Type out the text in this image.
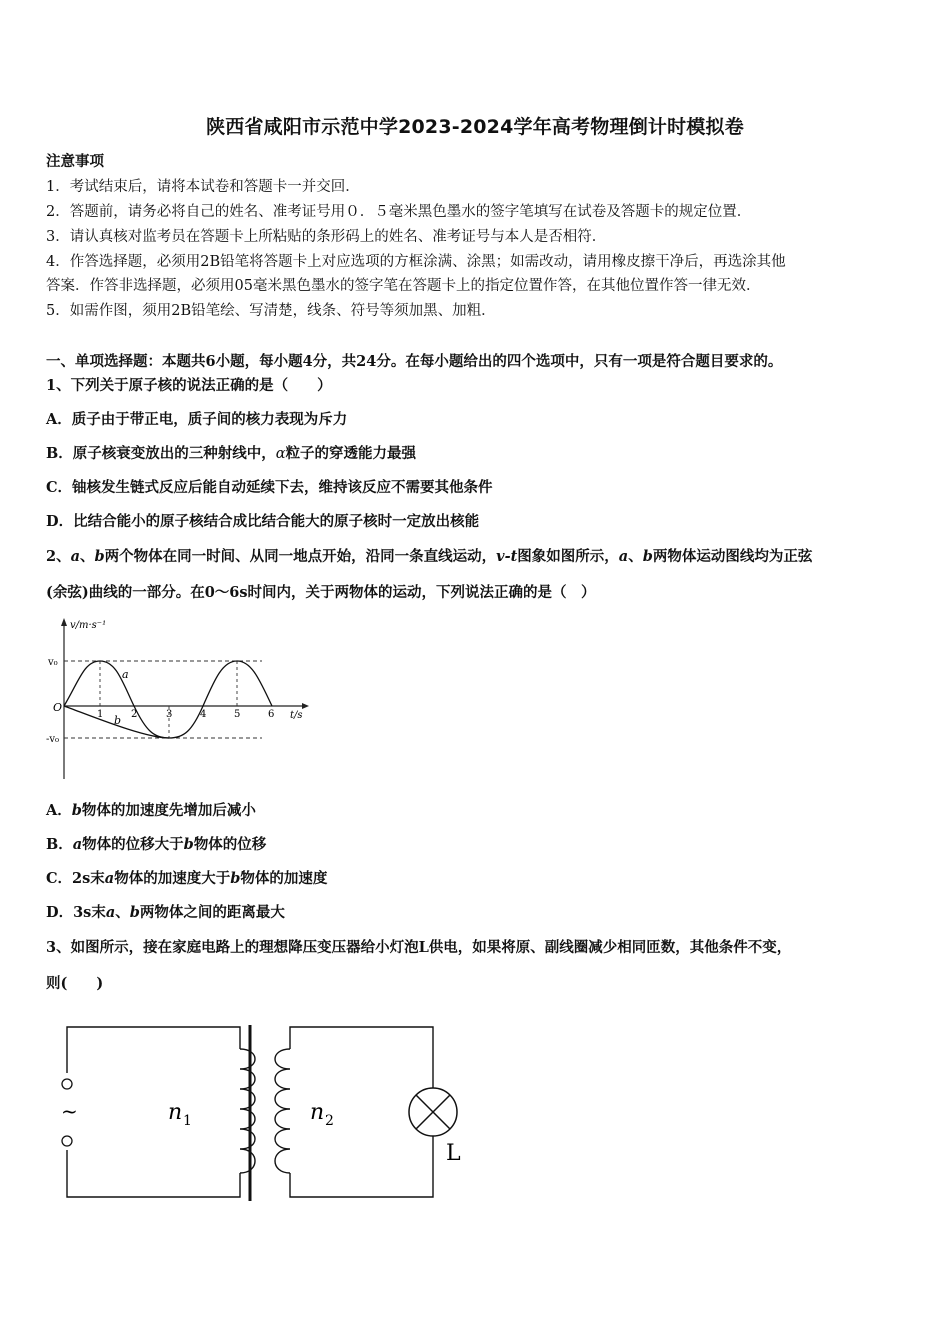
陕西省咸阳市示范中学2023-2024学年高考物理倒计时模拟卷
注意事项
1．考试结束后，请将本试卷和答题卡一并交回．
2．答题前，请务必将自己的姓名、准考证号用０．５毫米黑色墨水的签字笔填写在试卷及答题卡的规定位置．
3．请认真核对监考员在答题卡上所粘贴的条形码上的姓名、准考证号与本人是否相符．
4．作答选择题，必须用2B铅笔将答题卡上对应选项的方框涂满、涂黑；如需改动，请用橡皮擦干净后，再选涂其他
答案．作答非选择题，必须用05毫米黑色墨水的签字笔在答题卡上的指定位置作答，在其他位置作答一律无效．
5．如需作图，须用2B铅笔绘、写清楚，线条、符号等须加黑、加粗．
一、单项选择题：本题共6小题，每小题4分，共24分。在每小题给出的四个选项中，只有一项是符合题目要求的。
1、下列关于原子核的说法正确的是（　　）
A．质子由于带正电，质子间的核力表现为斥力
B．原子核衰变放出的三种射线中，α粒子的穿透能力最强
C．铀核发生链式反应后能自动延续下去，维持该反应不需要其他条件
D．比结合能小的原子核结合成比结合能大的原子核时一定放出核能
2、a、b两个物体在同一时间、从同一地点开始，沿同一条直线运动，v-t图象如图所示，a、b两物体运动图线均为正弦
(余弦)曲线的一部分。在0～6s时间内，关于两物体的运动，下列说法正确的是（　）
v/m·s⁻¹
t/s
v₀
-v₀
O
1	2	3	4	5	6
a
b
A．b物体的加速度先增加后减小
B．a物体的位移大于b物体的位移
C．2s末a物体的加速度大于b物体的加速度
D．3s末a、b两物体之间的距离最大
3、如图所示，接在家庭电路上的理想降压变压器给小灯泡L供电，如果将原、副线圈减少相同匝数，其他条件不变，
则(　　)
~
L
n 1	n 2
